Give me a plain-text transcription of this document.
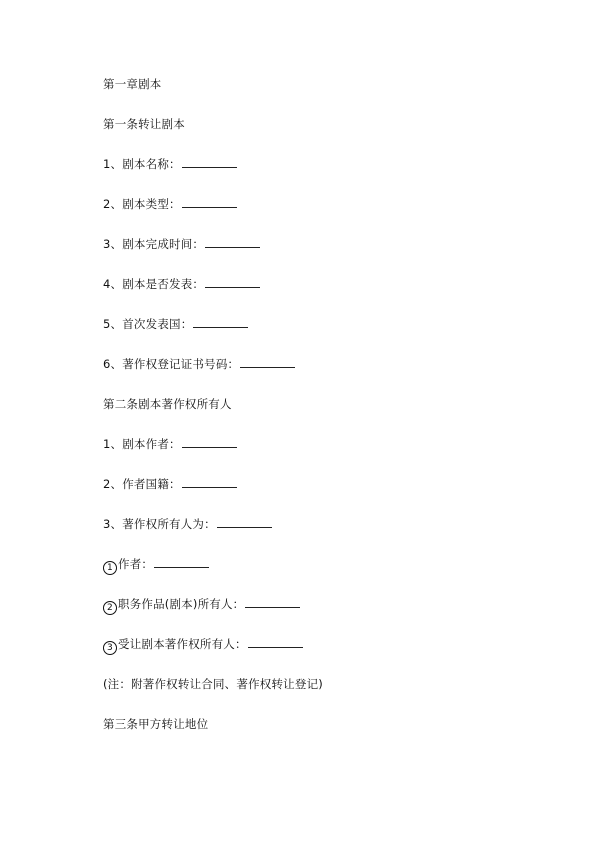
第一章剧本
第一条转让剧本
1、剧本名称：
2、剧本类型：
3、剧本完成时间：
4、剧本是否发表：
5、首次发表国：
6、著作权登记证书号码：
第二条剧本著作权所有人
1、剧本作者：
2、作者国籍：
3、著作权所有人为：
1 作者：
2 职务作品(剧本)所有人：
3 受让剧本著作权所有人：
(注：附著作权转让合同、著作权转让登记)
第三条甲方转让地位
